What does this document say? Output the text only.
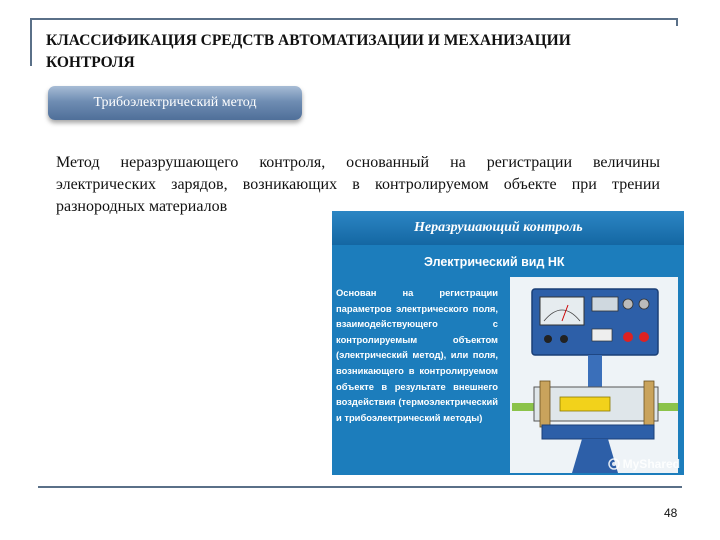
КЛАССИФИКАЦИЯ СРЕДСТВ АВТОМАТИЗАЦИИ И МЕХАНИЗАЦИИ КОНТРОЛЯ
Трибоэлектрический метод
Метод неразрушающего контроля, основанный на регистрации величины электрических зарядов, возникающих в контролируемом объекте при трении разнородных материалов
Неразрушающий контроль
Электрический вид НК
Основан на регистрации параметров электрического поля, взаимодействующего с контролируемым объектом (электрический метод), или поля, возникающего в контролируемом объекте в результате внешнего воздействия (термоэлектрический и трибоэлектрический методы)
MyShared
48
